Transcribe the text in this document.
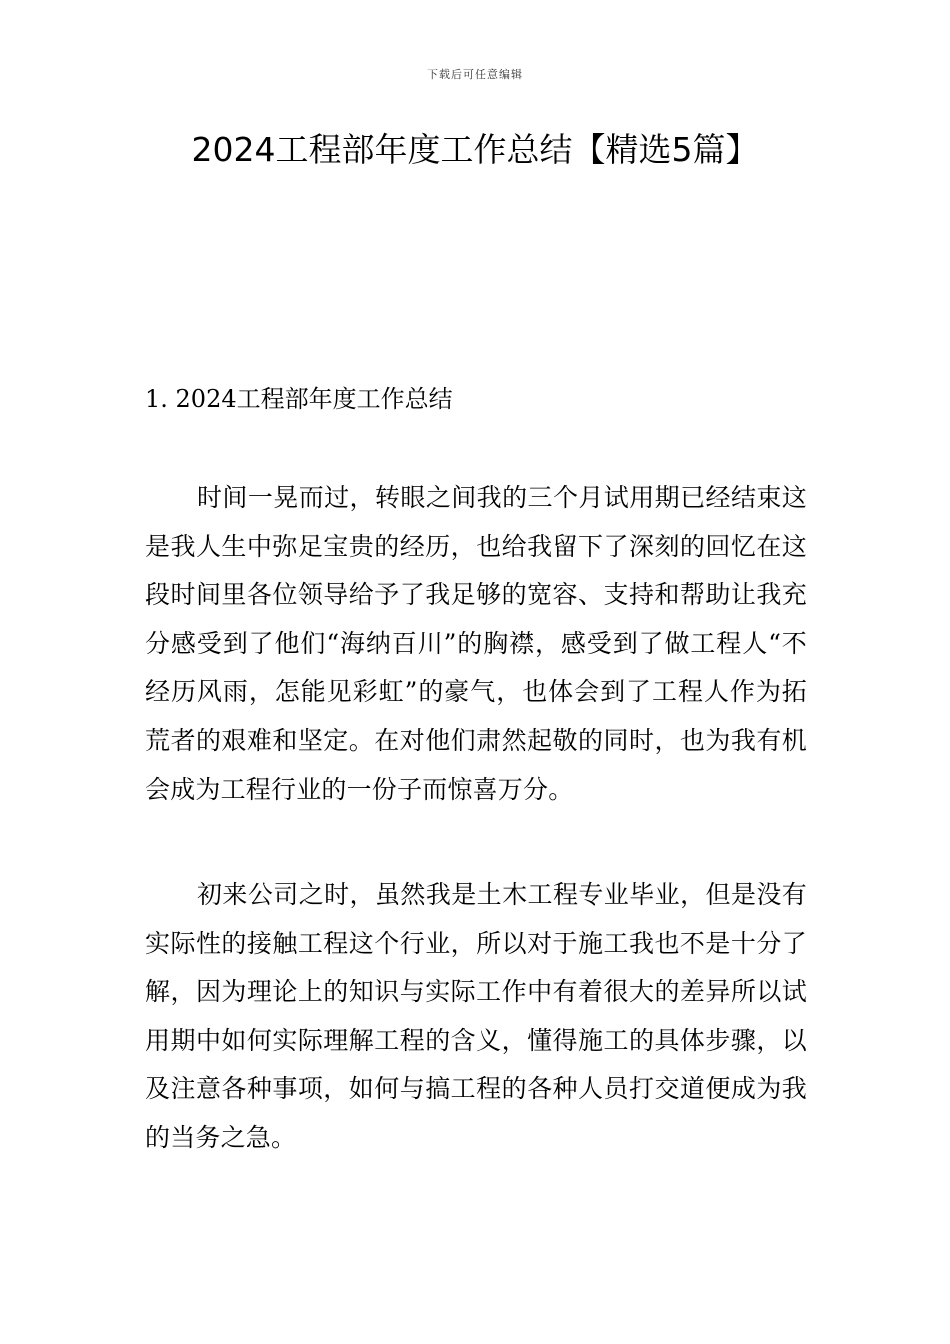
下载后可任意编辑
2024工程部年度工作总结【精选5篇】
1. 2024工程部年度工作总结

时间一晃而过，转眼之间我的三个月试用期已经结束这是我人生中弥足宝贵的经历，也给我留下了深刻的回忆在这段时间里各位领导给予了我足够的宽容、支持和帮助让我充分感受到了他们“海纳百川”的胸襟，感受到了做工程人“不经历风雨，怎能见彩虹”的豪气，也体会到了工程人作为拓荒者的艰难和坚定。在对他们肃然起敬的同时，也为我有机会成为工程行业的一份子而惊喜万分。

初来公司之时，虽然我是土木工程专业毕业，但是没有实际性的接触工程这个行业，所以对于施工我也不是十分了解，因为理论上的知识与实际工作中有着很大的差异所以试用期中如何实际理解工程的含义，懂得施工的具体步骤，以及注意各种事项，如何与搞工程的各种人员打交道便成为我的当务之急。
